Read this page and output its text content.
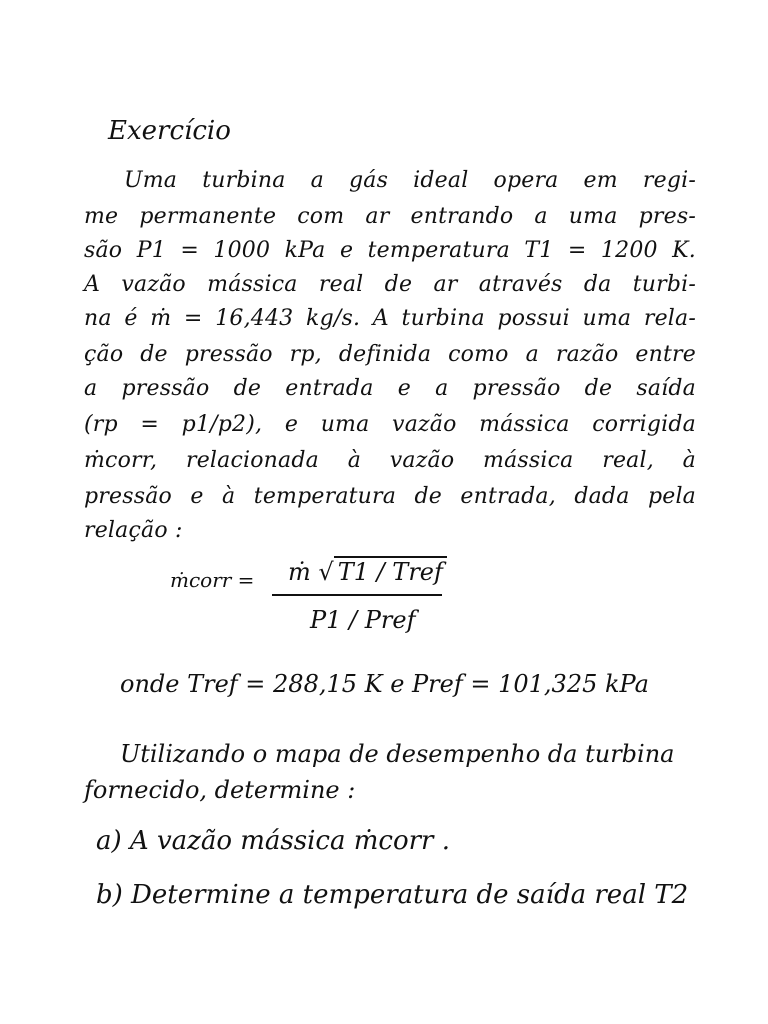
Exercício
Uma turbina a gás ideal opera em regi-
me permanente com ar entrando a uma pres-
são P1 = 1000 kPa e temperatura T1 = 1200 K.
A vazão mássica real de ar através da turbi-
na é ṁ = 16,443 kg/s. A turbina possui uma rela-
ção de pressão rp, definida como a razão entre
a pressão de entrada e a pressão de saída
(rp = p1/p2), e uma vazão mássica corrigida
ṁcorr, relacionada à vazão mássica real, à
pressão e à temperatura de entrada, dada pela
relação :
ṁcorr = ṁ √ T1 / Tref
P1 / Pref
onde Tref = 288,15 K e Pref = 101,325 kPa
Utilizando o mapa de desempenho da turbina
fornecido, determine :
a) A vazão mássica ṁcorr .
b) Determine a temperatura de saída real T2
